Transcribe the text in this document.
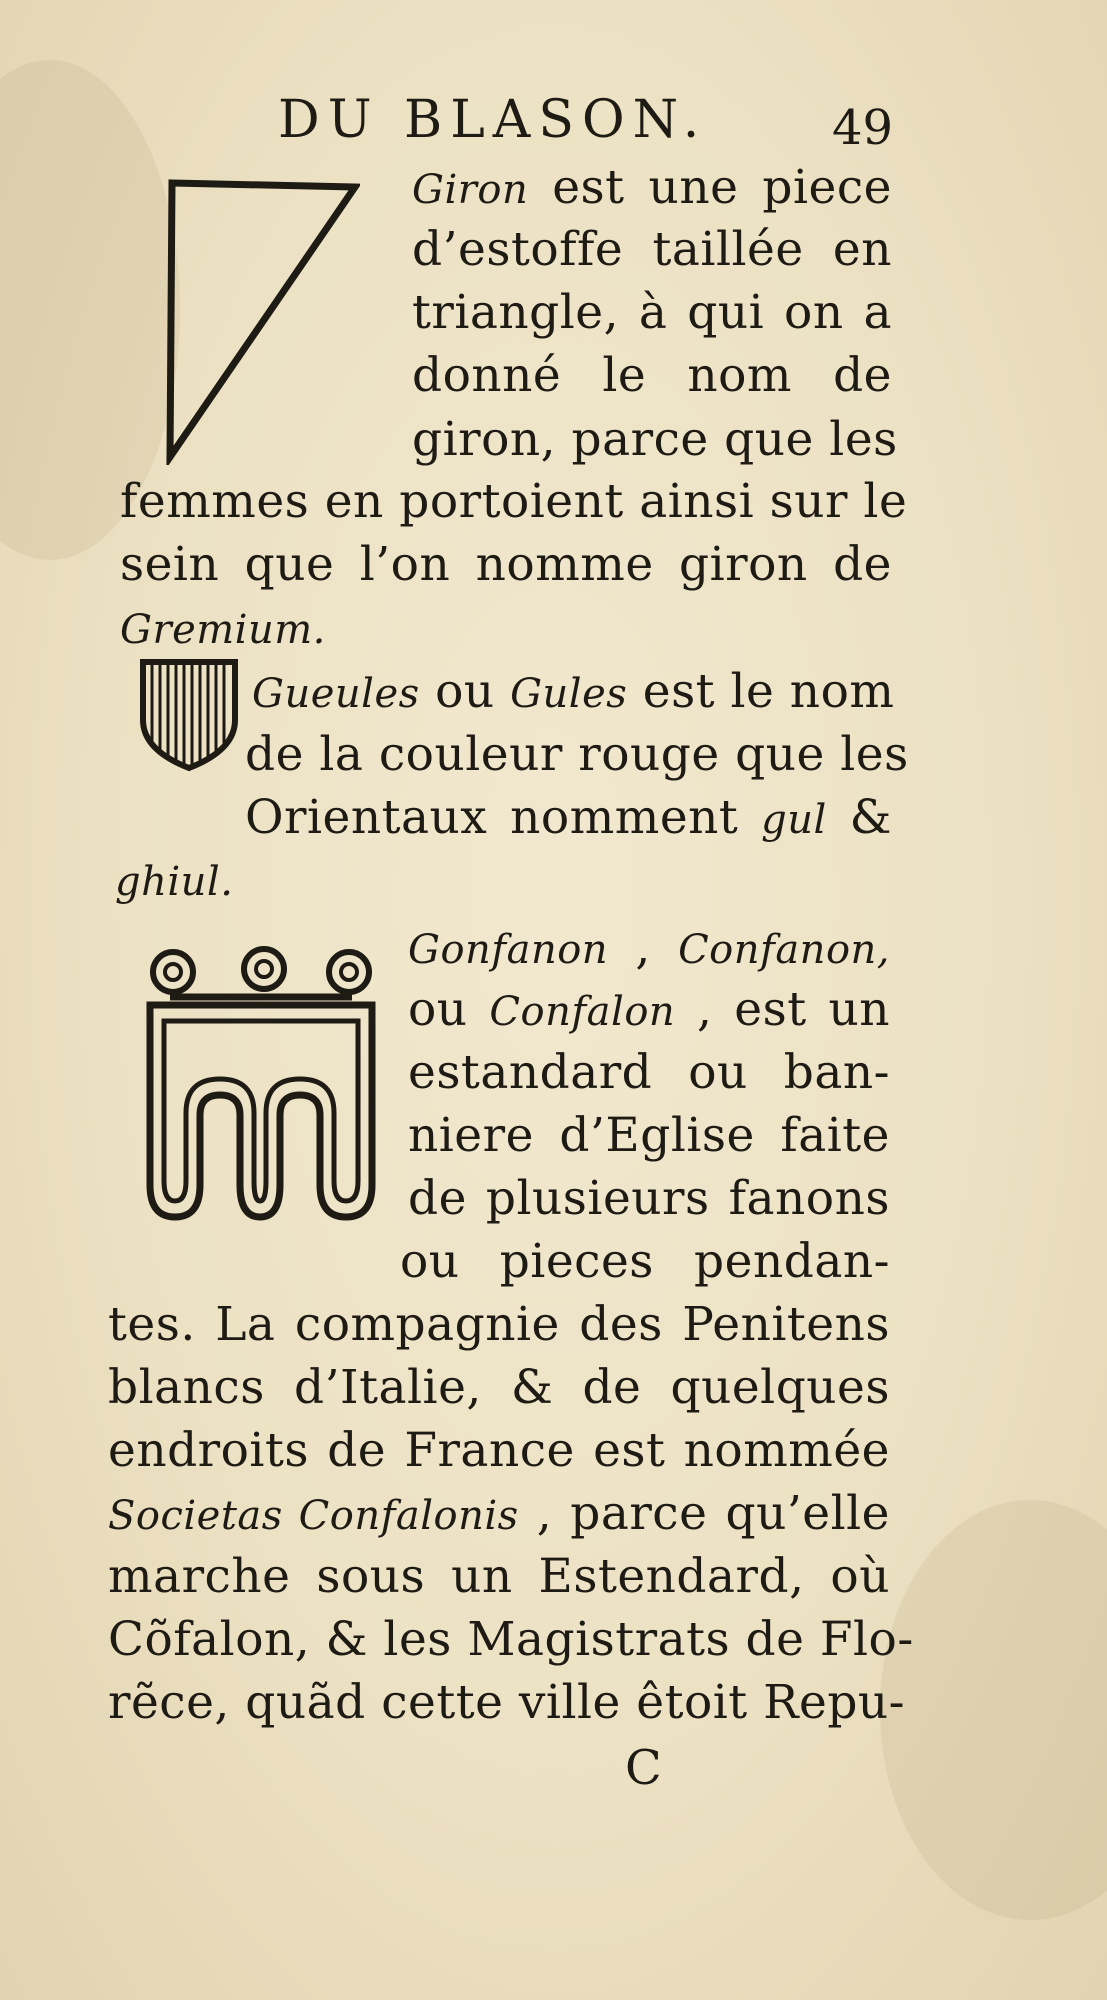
DU BLASON.	49
Giron est une piece
d’estoffe taillée en
triangle, à qui on a
donné le nom de
giron, parce que les
femmes en portoient ainsi sur le
sein que l’on nomme giron de
Gremium.
Gueules ou Gules est le nom
de la couleur rouge que les
Orientaux nomment gul &
ghiul.
Gonfanon , Confanon,
ou Confalon , est un
estandard ou ban-
niere d’Eglise faite
de plusieurs fanons
ou pieces pendan-
tes. La compagnie des Penitens
blancs d’Italie, & de quelques
endroits de France est nommée
Societas Confalonis , parce qu’elle
marche sous un Estendard, où
Cõfalon, & les Magistrats de Flo-
rẽce, quãd cette ville êtoit Repu-
C
